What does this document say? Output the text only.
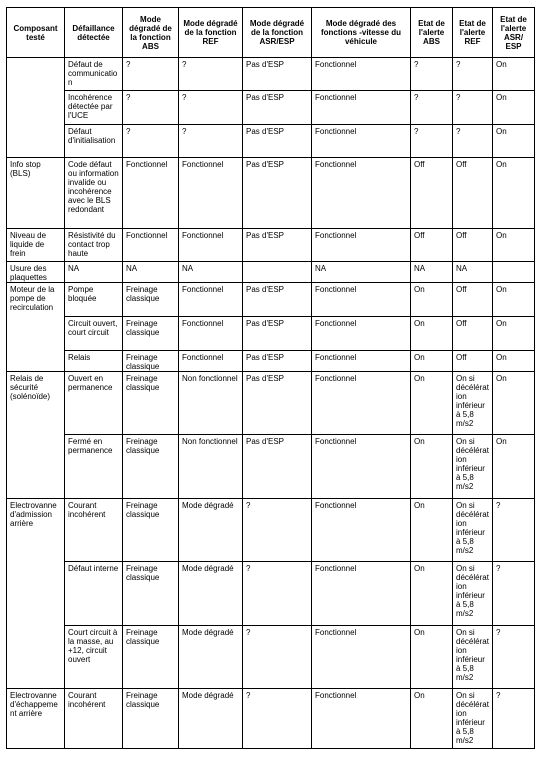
Composant testé	Défaillance détectée	Mode dégradé de la fonction ABS	Mode dégradé de la fonction REF	Mode dégradé de la fonction ASR/ESP	Mode dégradé des fonctions -vitesse du véhicule	Etat de l'alerte ABS	Etat de l'alerte REF	Etat de l'alerte ASR/ ESP
	Défaut de communication	?	?	Pas d'ESP	Fonctionnel	?	?	On
	Incohérence détectée par l'UCE	?	?	Pas d'ESP	Fonctionnel	?	?	On
	Défaut d'initialisation	?	?	Pas d'ESP	Fonctionnel	?	?	On
Info stop (BLS)	Code défaut ou information invalide ou incohérence avec le BLS redondant	Fonctionnel	Fonctionnel	Pas d'ESP	Fonctionnel	Off	Off	On
Niveau de liquide de frein	Résistivité du contact trop haute	Fonctionnel	Fonctionnel	Pas d'ESP	Fonctionnel	Off	Off	On
Usure des plaquettes	NA	NA	NA		NA	NA	NA	
Moteur de la pompe de recirculation	Pompe bloquée	Freinage classique	Fonctionnel	Pas d'ESP	Fonctionnel	On	Off	On
	Circuit ouvert, court circuit	Freinage classique	Fonctionnel	Pas d'ESP	Fonctionnel	On	Off	On
	Relais	Freinage classique	Fonctionnel	Pas d'ESP	Fonctionnel	On	Off	On
Relais de sécurité (solénoïde)	Ouvert en permanence	Freinage classique	Non fonctionnel	Pas d'ESP	Fonctionnel	On	On si décélération inférieur à 5,8 m/s2	On
	Fermé en permanence	Freinage classique	Non fonctionnel	Pas d'ESP	Fonctionnel	On	On si décélération inférieur à 5,8 m/s2	On
Electrovanne d'admission arrière	Courant incohérent	Freinage classique	Mode dégradé	?	Fonctionnel	On	On si décélération inférieur à 5,8 m/s2	?
	Défaut interne	Freinage classique	Mode dégradé	?	Fonctionnel	On	On si décélération inférieur à 5,8 m/s2	?
	Court circuit à la masse, au +12, circuit ouvert	Freinage classique	Mode dégradé	?	Fonctionnel	On	On si décélération inférieur à 5,8 m/s2	?
Electrovanne d'échappement arrière	Courant incohérent	Freinage classique	Mode dégradé	?	Fonctionnel	On	On si décélération inférieur à 5,8 m/s2	?
